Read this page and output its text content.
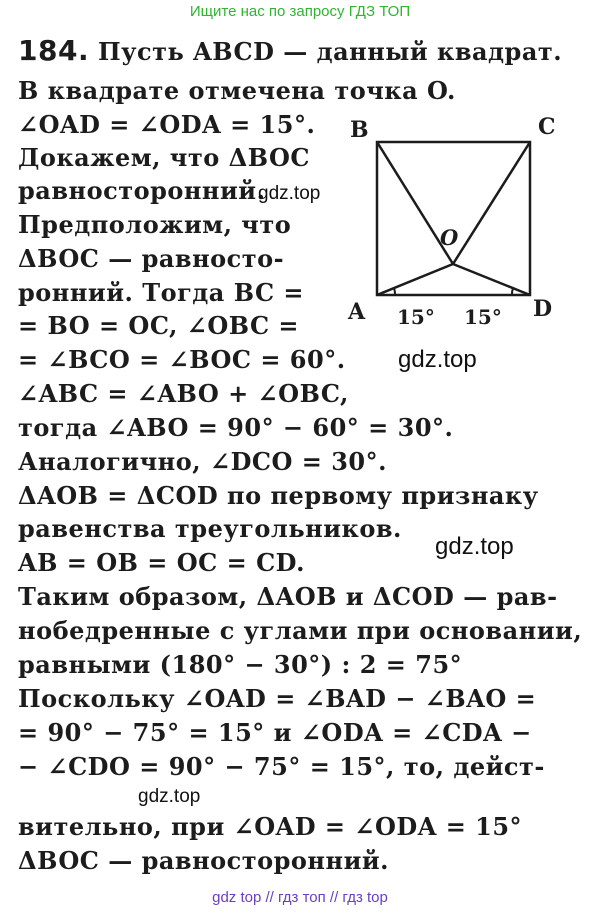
Ищите нас по запросу ГДЗ ТОП
184. Пусть ABCD — данный квадрат.
В квадрате отмечена точка O.
∠OAD = ∠ODA = 15°.
Докажем, что ΔBOC
равносторонний.
Предположим, что
ΔBOC — равносто-
ронний. Тогда BC =
= BO = OC, ∠OBC =
= ∠BCO = ∠BOC = 60°.
∠ABC = ∠ABO + ∠OBC,
тогда ∠ABO = 90° − 60° = 30°.
Аналогично, ∠DCO = 30°.
ΔAOB = ΔCOD по первому признаку
равенства треугольников.
AB = OB = OC = CD.
Таким образом, ΔAOB и ΔCOD — рав-
нобедренные с углами при основании,
равными (180° − 30°) : 2 = 75°
Поскольку ∠OAD = ∠BAD − ∠BAO =
= 90° − 75° = 15° и ∠ODA = ∠CDA −
− ∠CDO = 90° − 75° = 15°, то, дейст-
вительно, при ∠OAD = ∠ODA = 15°
ΔBOC — равносторонний.
B	C
O
A	D
15° 15°
gdz.top
gdz.top
gdz.top
gdz.top
gdz top // гдз топ // гдз top
